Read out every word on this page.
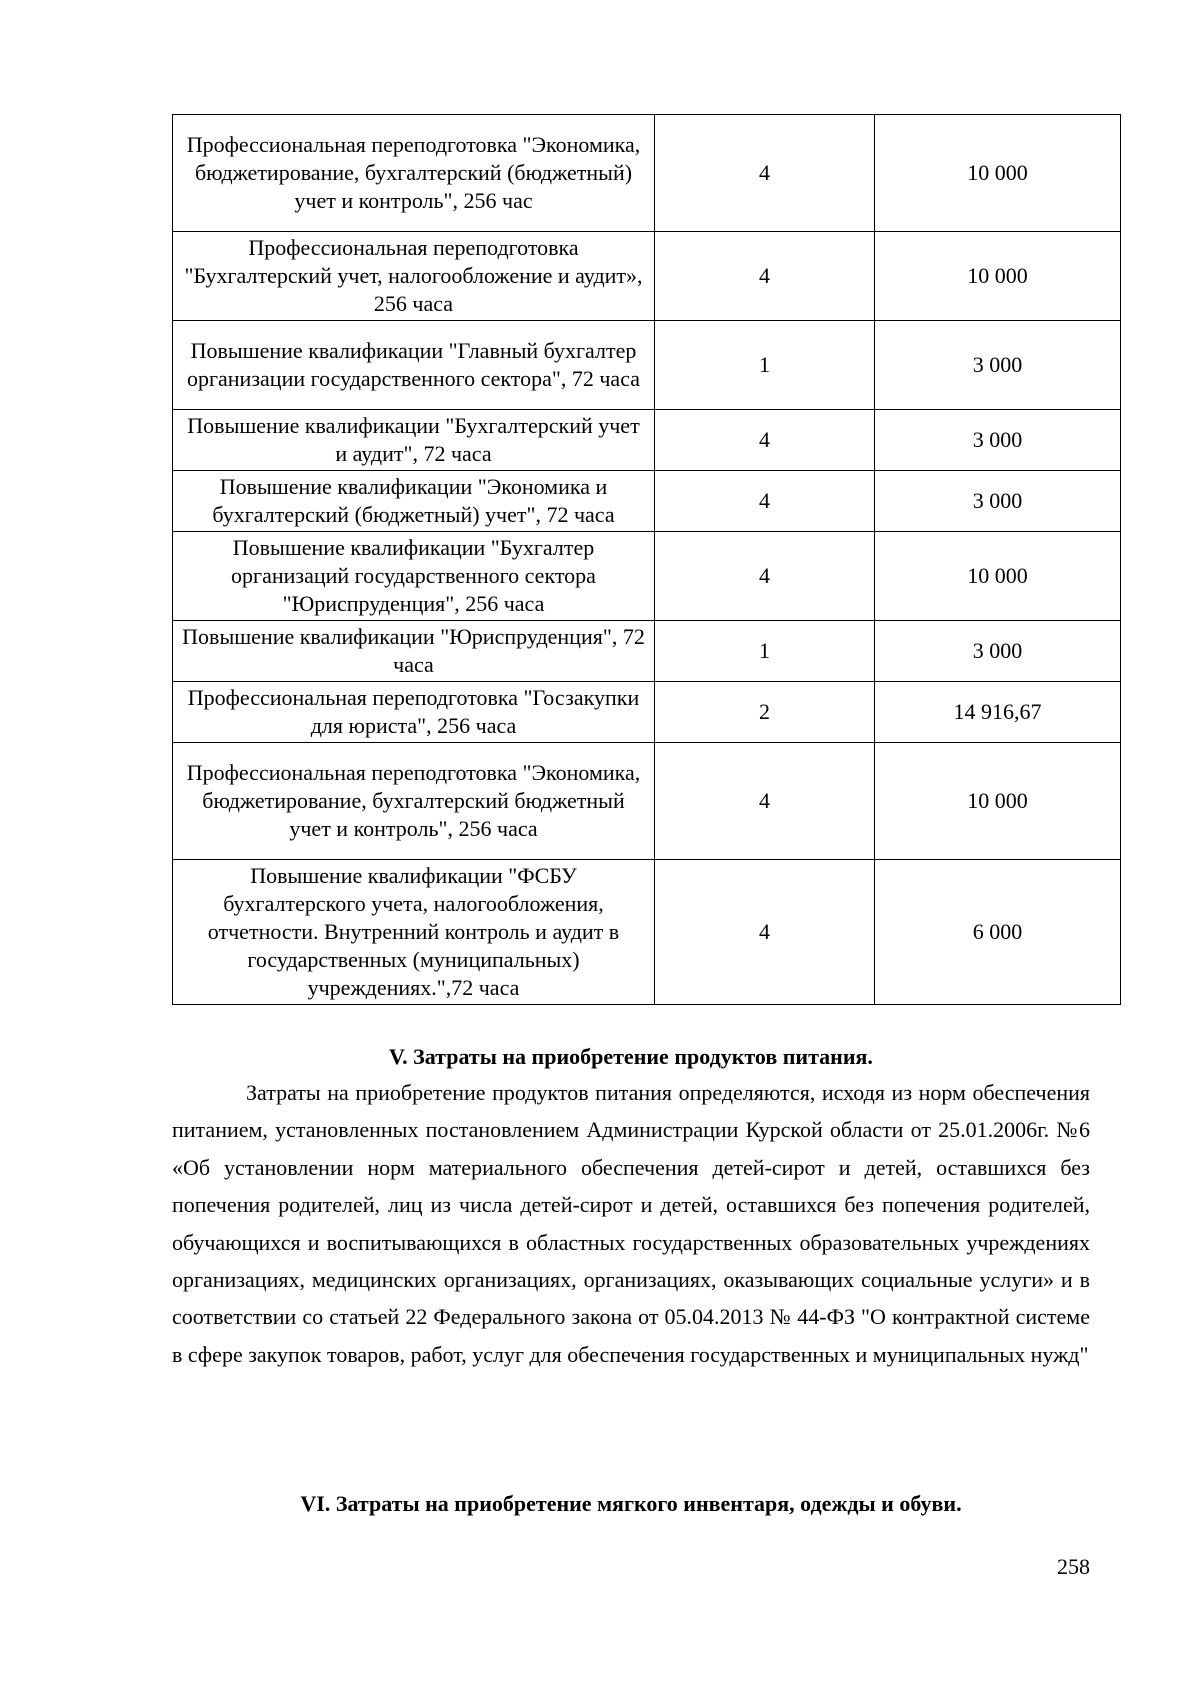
Профессиональная переподготовка "Экономика, бюджетирование, бухгалтерский (бюджетный) учет и контроль", 256 час	4	10 000
Профессиональная переподготовка "Бухгалтерский учет, налогообложение и аудит», 256 часа	4	10 000
Повышение квалификации "Главный бухгалтер организации государственного сектора", 72 часа	1	3 000
Повышение квалификации "Бухгалтерский учет и аудит", 72 часа	4	3 000
Повышение квалификации "Экономика и бухгалтерский (бюджетный) учет", 72 часа	4	3 000
Повышение квалификации "Бухгалтер организаций государственного сектора "Юриспруденция", 256 часа	4	10 000
Повышение квалификации "Юриспруденция", 72 часа	1	3 000
Профессиональная переподготовка "Госзакупки для юриста", 256 часа	2	14 916,67
Профессиональная переподготовка "Экономика, бюджетирование, бухгалтерский бюджетный учет и контроль", 256 часа	4	10 000
Повышение квалификации "ФСБУ бухгалтерского учета, налогообложения, отчетности. Внутренний контроль и аудит в государственных (муниципальных) учреждениях.",72 часа	4	6 000
V. Затраты на приобретение продуктов питания.

Затраты на приобретение продуктов питания определяются, исходя из норм обеспечения питанием, установленных постановлением Администрации Курской области от 25.01.2006г. №6 «Об установлении норм материального обеспечения детей-сирот и детей, оставшихся без попечения родителей, лиц из числа детей-сирот и детей, оставшихся без попечения родителей, обучающихся и воспитывающихся в областных государственных образовательных учреждениях организациях, медицинских организациях, организациях, оказывающих социальные услуги» и в соответствии со статьей 22 Федерального закона от 05.04.2013 № 44-ФЗ "О контрактной системе в сфере закупок товаров, работ, услуг для обеспечения государственных и муниципальных нужд"

VI. Затраты на приобретение мягкого инвентаря, одежды и обуви.
258
